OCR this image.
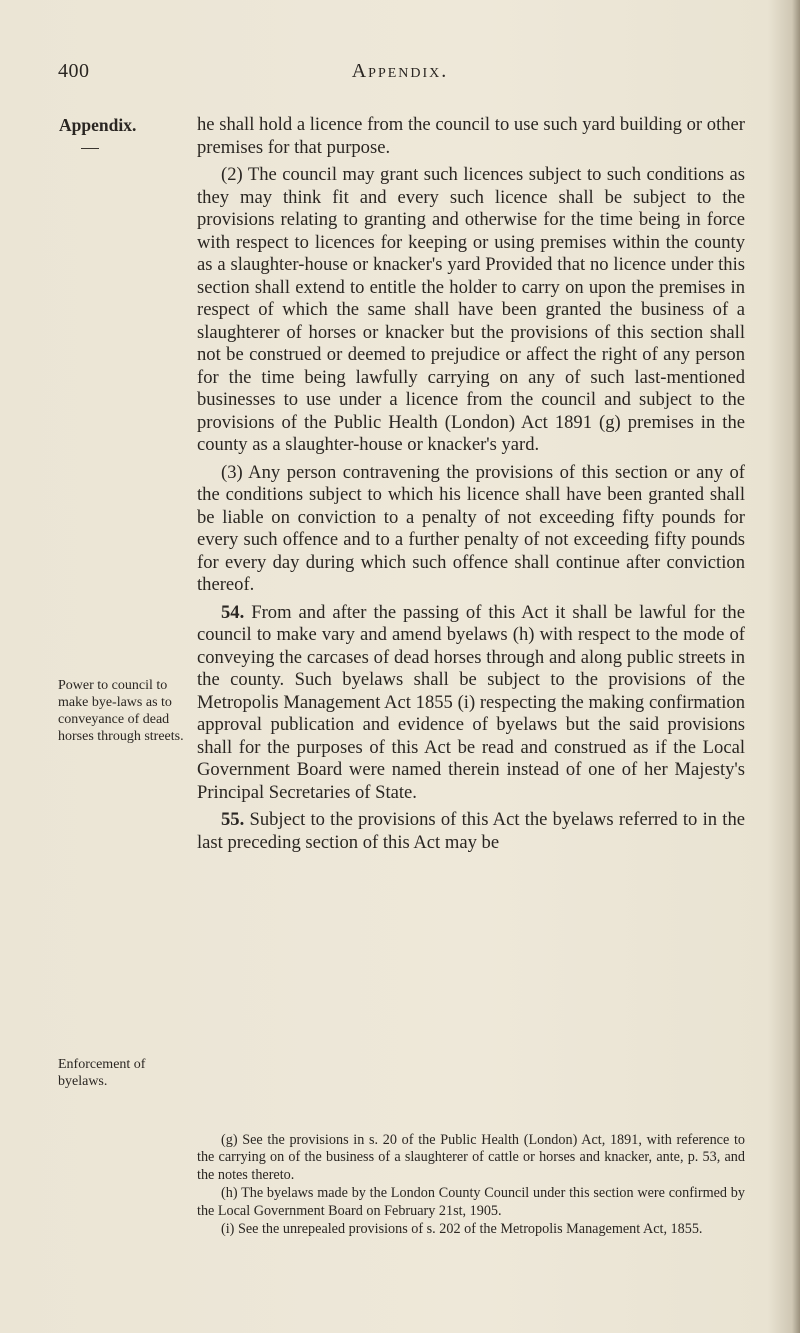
400	Appendix.
Appendix.
Power to council to make bye-laws as to conveyance of dead horses through streets.
Enforcement of byelaws.

he shall hold a licence from the council to use such yard building or other premises for that purpose.

(2) The council may grant such licences subject to such conditions as they may think fit and every such licence shall be subject to the provisions relating to granting and otherwise for the time being in force with respect to licences for keeping or using premises within the county as a slaughter-house or knacker's yard Provided that no licence under this section shall extend to entitle the holder to carry on upon the premises in respect of which the same shall have been granted the business of a slaughterer of horses or knacker but the provisions of this section shall not be construed or deemed to prejudice or affect the right of any person for the time being lawfully carrying on any of such last-mentioned businesses to use under a licence from the council and subject to the provisions of the Public Health (London) Act 1891 (g) premises in the county as a slaughter-house or knacker's yard.

(3) Any person contravening the provisions of this section or any of the conditions subject to which his licence shall have been granted shall be liable on conviction to a penalty of not exceeding fifty pounds for every such offence and to a further penalty of not exceeding fifty pounds for every day during which such offence shall continue after conviction thereof.

54. From and after the passing of this Act it shall be lawful for the council to make vary and amend byelaws (h) with respect to the mode of conveying the carcases of dead horses through and along public streets in the county. Such byelaws shall be subject to the provisions of the Metropolis Management Act 1855 (i) respecting the making confirmation approval publication and evidence of byelaws but the said provisions shall for the purposes of this Act be read and construed as if the Local Government Board were named therein instead of one of her Majesty's Principal Secretaries of State.

55. Subject to the provisions of this Act the byelaws referred to in the last preceding section of this Act may be

(g) See the provisions in s. 20 of the Public Health (London) Act, 1891, with reference to the carrying on of the business of a slaughterer of cattle or horses and knacker, ante, p. 53, and the notes thereto.

(h) The byelaws made by the London County Council under this section were confirmed by the Local Government Board on February 21st, 1905.

(i) See the unrepealed provisions of s. 202 of the Metropolis Management Act, 1855.
